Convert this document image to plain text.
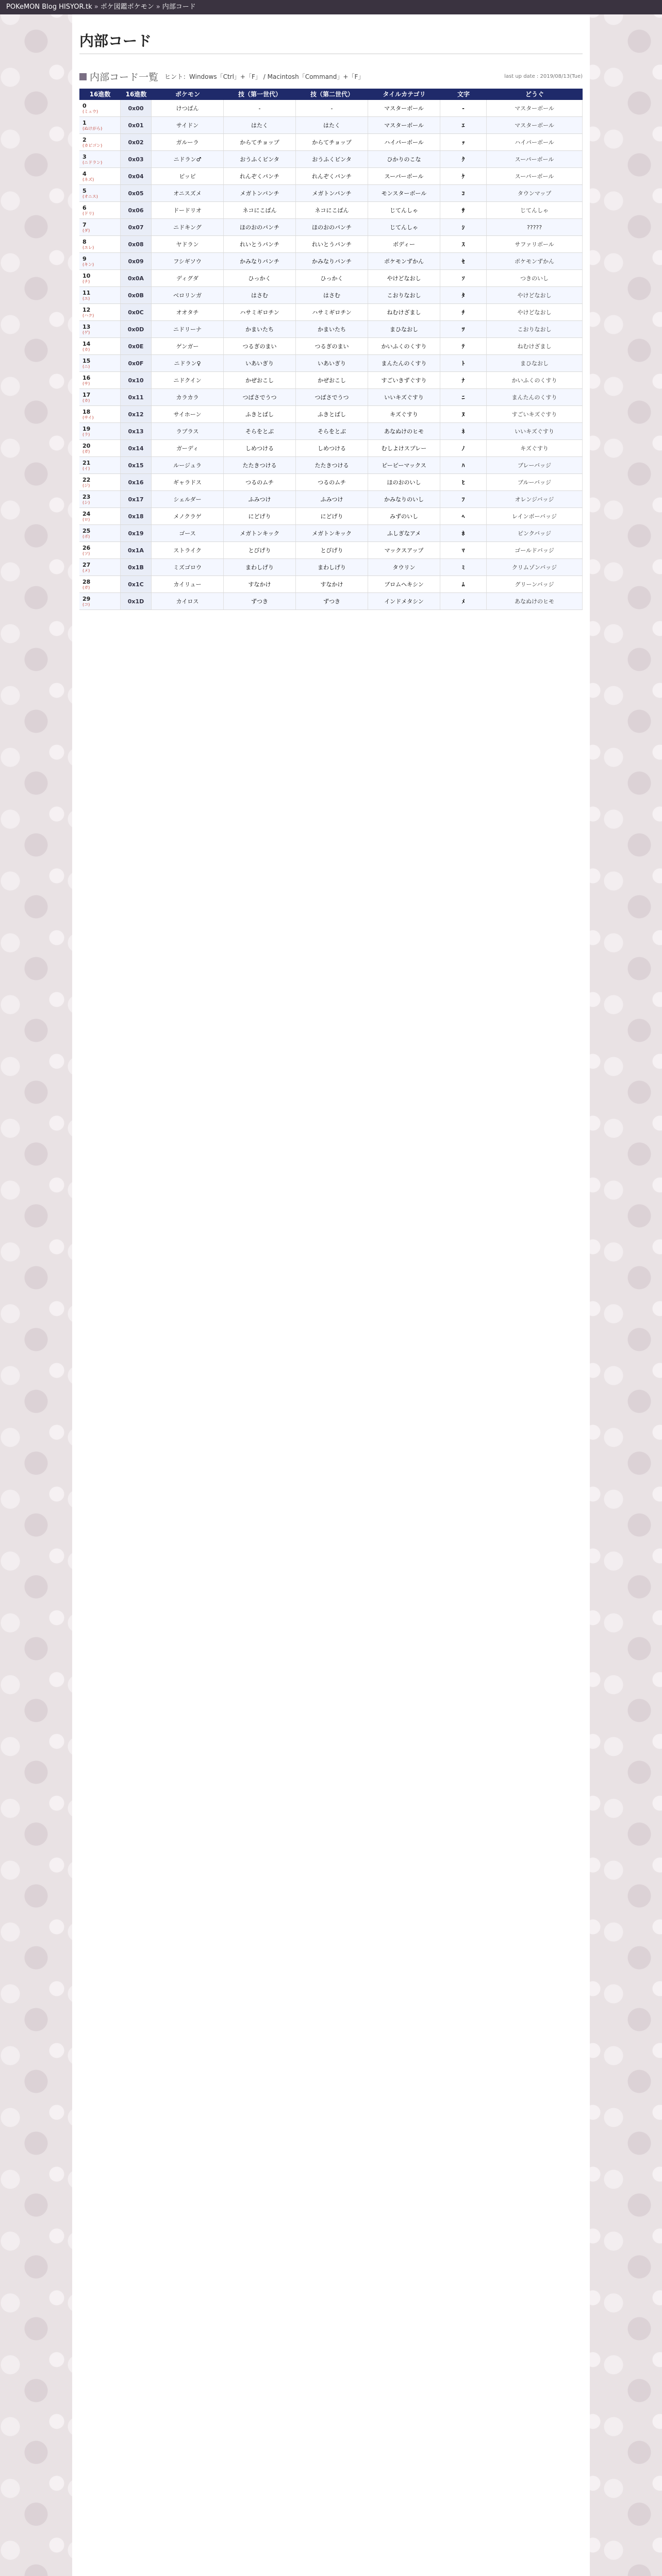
POKeMON Blog HISYOR.tk » ポケ図鑑ポケモン » 内部コード
内部コード
内部コード一覧 ヒント：Windows「Ctrl」+「F」 / Macintosh「Command」+「F」	last up date : 2019/08/13(Tue)
16進数	16進数	ポケモン	技（第一世代）	技（第二世代）	タイルカテゴリ	文字	どうぐ
0
(ミュウ)	0x00	けつばん	-	-	マスターボール	-	マスターボール
1
(ぬけがら)	0x01	サイドン	はたく	はたく	マスターボール	ｴ	マスターボール
2
(カビゴン)	0x02	ガルーラ	からてチョップ	からてチョップ	ハイパーボール	ｯ	ハイパーボール
3
(ニドラン)	0x03	ニドラン♂	おうふくビンタ	おうふくビンタ	ひかりのこな	ｸ	スーパーボール
4
(ネズ)	0x04	ピッピ	れんぞくパンチ	れんぞくパンチ	スーパーボール	ｹ	スーパーボール
5
(オニス)	0x05	オニスズメ	メガトンパンチ	メガトンパンチ	モンスターボール	ｺ	タウンマップ
6
(ドリ)	0x06	ドードリオ	ネコにこばん	ネコにこばん	じてんしゃ	ｻ	じてんしゃ
7
(ダ)	0x07	ニドキング	ほのおのパンチ	ほのおのパンチ	じてんしゃ	ｼ	?????
8
(エレ)	0x08	ヤドラン	れいとうパンチ	れいとうパンチ	ボディー	ｽ	サファリボール
9
(キン)	0x09	フシギソウ	かみなりパンチ	かみなりパンチ	ポケモンずかん	ｾ	ポケモンずかん
10
(ナ)	0x0A	ディグダ	ひっかく	ひっかく	やけどなおし	ｿ	つきのいし
11
(エ)	0x0B	ベロリンガ	はさむ	はさむ	こおりなおし	ﾀ	やけどなおし
12
(ハク)	0x0C	オオタチ	ハサミギロチン	ハサミギロチン	ねむけざまし	ﾁ	やけどなおし
13
(ゲ)	0x0D	ニドリーナ	かまいたち	かまいたち	まひなおし	ﾂ	こおりなおし
14
(カ)	0x0E	ゲンガー	つるぎのまい	つるぎのまい	かいふくのくすり	ﾃ	ねむけざまし
15
(ニ)	0x0F	ニドラン♀	いあいぎり	いあいぎり	まんたんのくすり	ﾄ	まひなおし
16
(サ)	0x10	ニドクイン	かぜおこし	かぜおこし	すごいきずぐすり	ﾅ	かいふくのくすり
17
(カ)	0x11	カラカラ	つばさでうつ	つばさでうつ	いいキズぐすり	ﾆ	まんたんのくすり
18
(サイ)	0x12	サイホーン	ふきとばし	ふきとばし	キズぐすり	ﾇ	すごいキズぐすり
19
(ラ)	0x13	ラプラス	そらをとぶ	そらをとぶ	あなぬけのヒモ	ﾈ	いいキズぐすり
20
(ガ)	0x14	ガーディ	しめつける	しめつける	むしよけスプレー	ﾉ	キズぐすり
21
(イ)	0x15	ルージュラ	たたきつける	たたきつける	ピーピーマックス	ﾊ	ブレーバッジ
22
(ジ)	0x16	ギャラドス	つるのムチ	つるのムチ	ほのおのいし	ﾋ	ブルーバッジ
23
(シ)	0x17	シェルダー	ふみつけ	ふみつけ	かみなりのいし	ﾌ	オレンジバッジ
24
(ロ)	0x18	メノクラゲ	にどげり	にどげり	みずのいし	ﾍ	レインボーバッジ
25
(ポ)	0x19	ゴース	メガトンキック	メガトンキック	ふしぎなアメ	ﾎ	ピンクバッジ
26
(ツ)	0x1A	ストライク	とびげり	とびげり	マックスアップ	ﾏ	ゴールドバッジ
27
(メ)	0x1B	ミズゴロウ	まわしげり	まわしげり	タウリン	ﾐ	クリムゾンバッジ
28
(ガ)	0x1C	カイリュー	すなかけ	すなかけ	ブロムヘキシン	ﾑ	グリーンバッジ
29
(コ)	0x1D	カイロス	ずつき	ずつき	インドメタシン	ﾒ	あなぬけのヒモ
